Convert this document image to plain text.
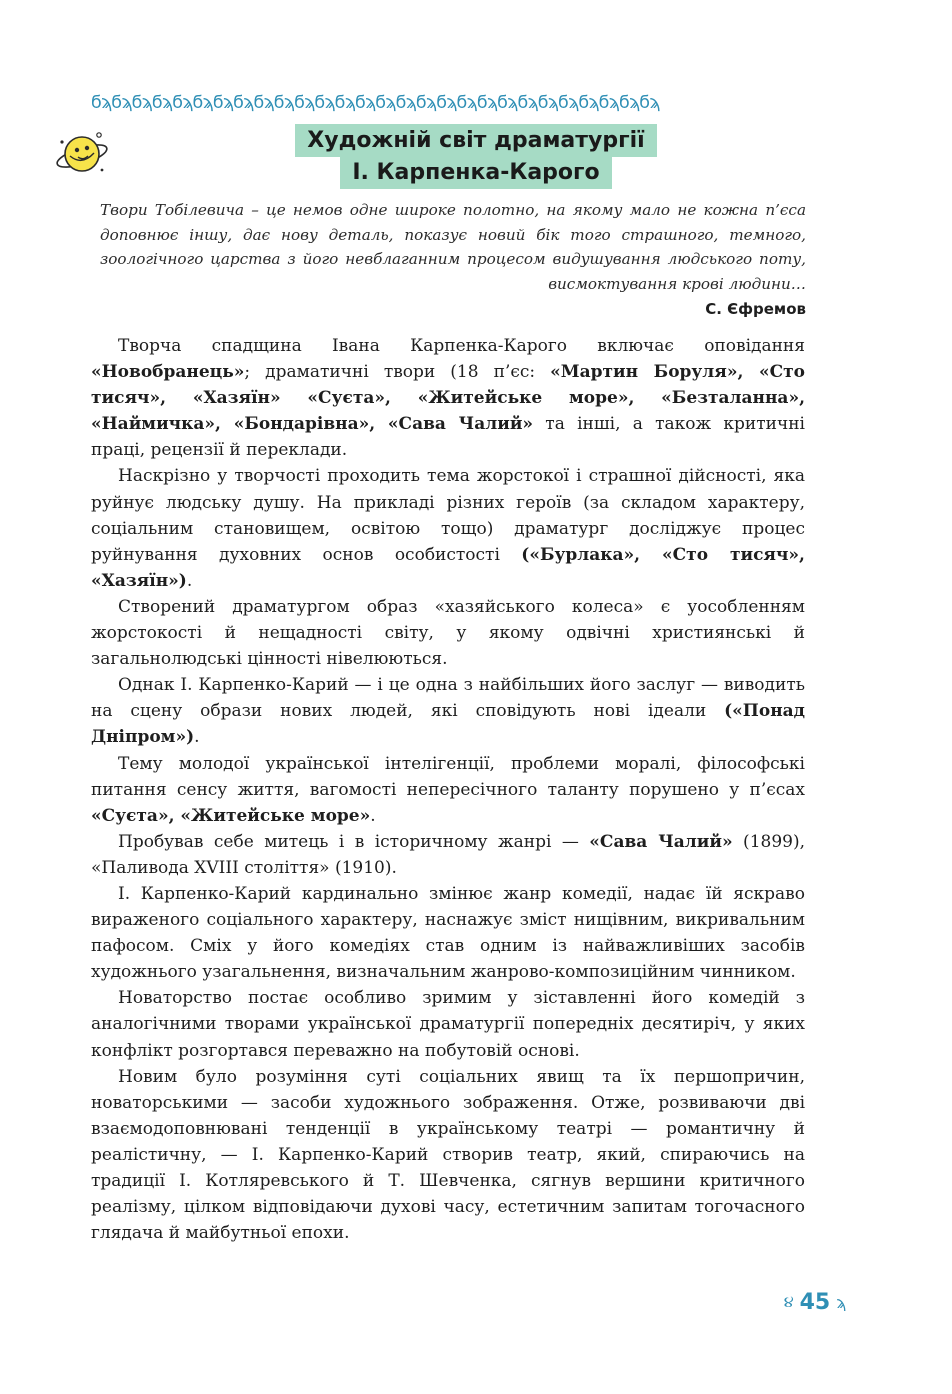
ϭϡϭϡϭϡϭϡϭϡϭϡϭϡϭϡϭϡϭϡϭϡϭϡϭϡϭϡϭϡϭϡϭϡϭϡϭϡϭϡϭϡϭϡϭϡϭϡϭϡϭϡϭϡϭϡ
Художній світ драматургії
І. Карпенка-Карого
Твори Тобілевича – це немов одне широке полотно, на якому мало не кожна п’єса доповнює іншу, дає нову деталь, показує новий бік того страшного, темного, зоологічного царства з його невблаганним процесом видушування людського поту, висмоктування крові людини…
С. Єфремов

Творча спадщина Івана Карпенка-Карого включає оповідання «Новобранець»; драматичні твори (18 п’єс: «Мартин Боруля», «Сто тисяч», «Хазяїн» «Суєта», «Житейське море», «Безталанна», «Наймичка», «Бондарівна», «Сава Чалий» та інші, а також критичні праці, рецензії й переклади.

Наскрізно у творчості проходить тема жорстокої і страшної дійсності, яка руйнує людську душу. На прикладі різних героїв (за складом характеру, соціальним становищем, освітою тощо) драматург досліджує процес руйнування духовних основ особистості («Бурлака», «Сто тисяч», «Хазяїн»).

Створений драматургом образ «хазяйського колеса» є уособленням жорстокості й нещадності світу, у якому одвічні християнські й загальнолюдські цінності нівелюються.

Однак І. Карпенко-Карий — і це одна з найбільших його заслуг — виводить на сцену образи нових людей, які сповідують нові ідеали («Понад Дніпром»).

Тему молодої української інтелігенції, проблеми моралі, філософські питання сенсу життя, вагомості непересічного таланту порушено у п’єсах «Суєта», «Житейське море».

Пробував себе митець і в історичному жанрі — «Сава Чалий» (1899), «Паливода XVIII століття» (1910).

І. Карпенко-Карий кардинально змінює жанр комедії, надає їй яскраво вираженого соціального характеру, наснажує зміст нищівним, викривальним пафосом. Сміх у його комедіях став одним із найважливіших засобів художнього узагальнення, визначальним жанрово-композиційним чинником.

Новаторство постає особливо зримим у зіставленні його комедій з аналогічними творами української драматургії попередніх десятиріч, у яких конфлікт розгортався переважно на побутовій основі.

Новим було розуміння суті соціальних явищ та їх першопричин, новаторськими — засоби художнього зображення. Отже, розвиваючи дві взаємодоповнювані тенденції в українському театрі — романтичну й реалістичну, — І. Карпенко-Карий створив театр, який, спираючись на традиції І. Котляревського й Т. Шевченка, сягнув вершини критичного реалізму, цілком відповідаючи духові часу, естетичним запитам тогочасного глядача й майбутньої епохи.

૪ 45 ϡ
